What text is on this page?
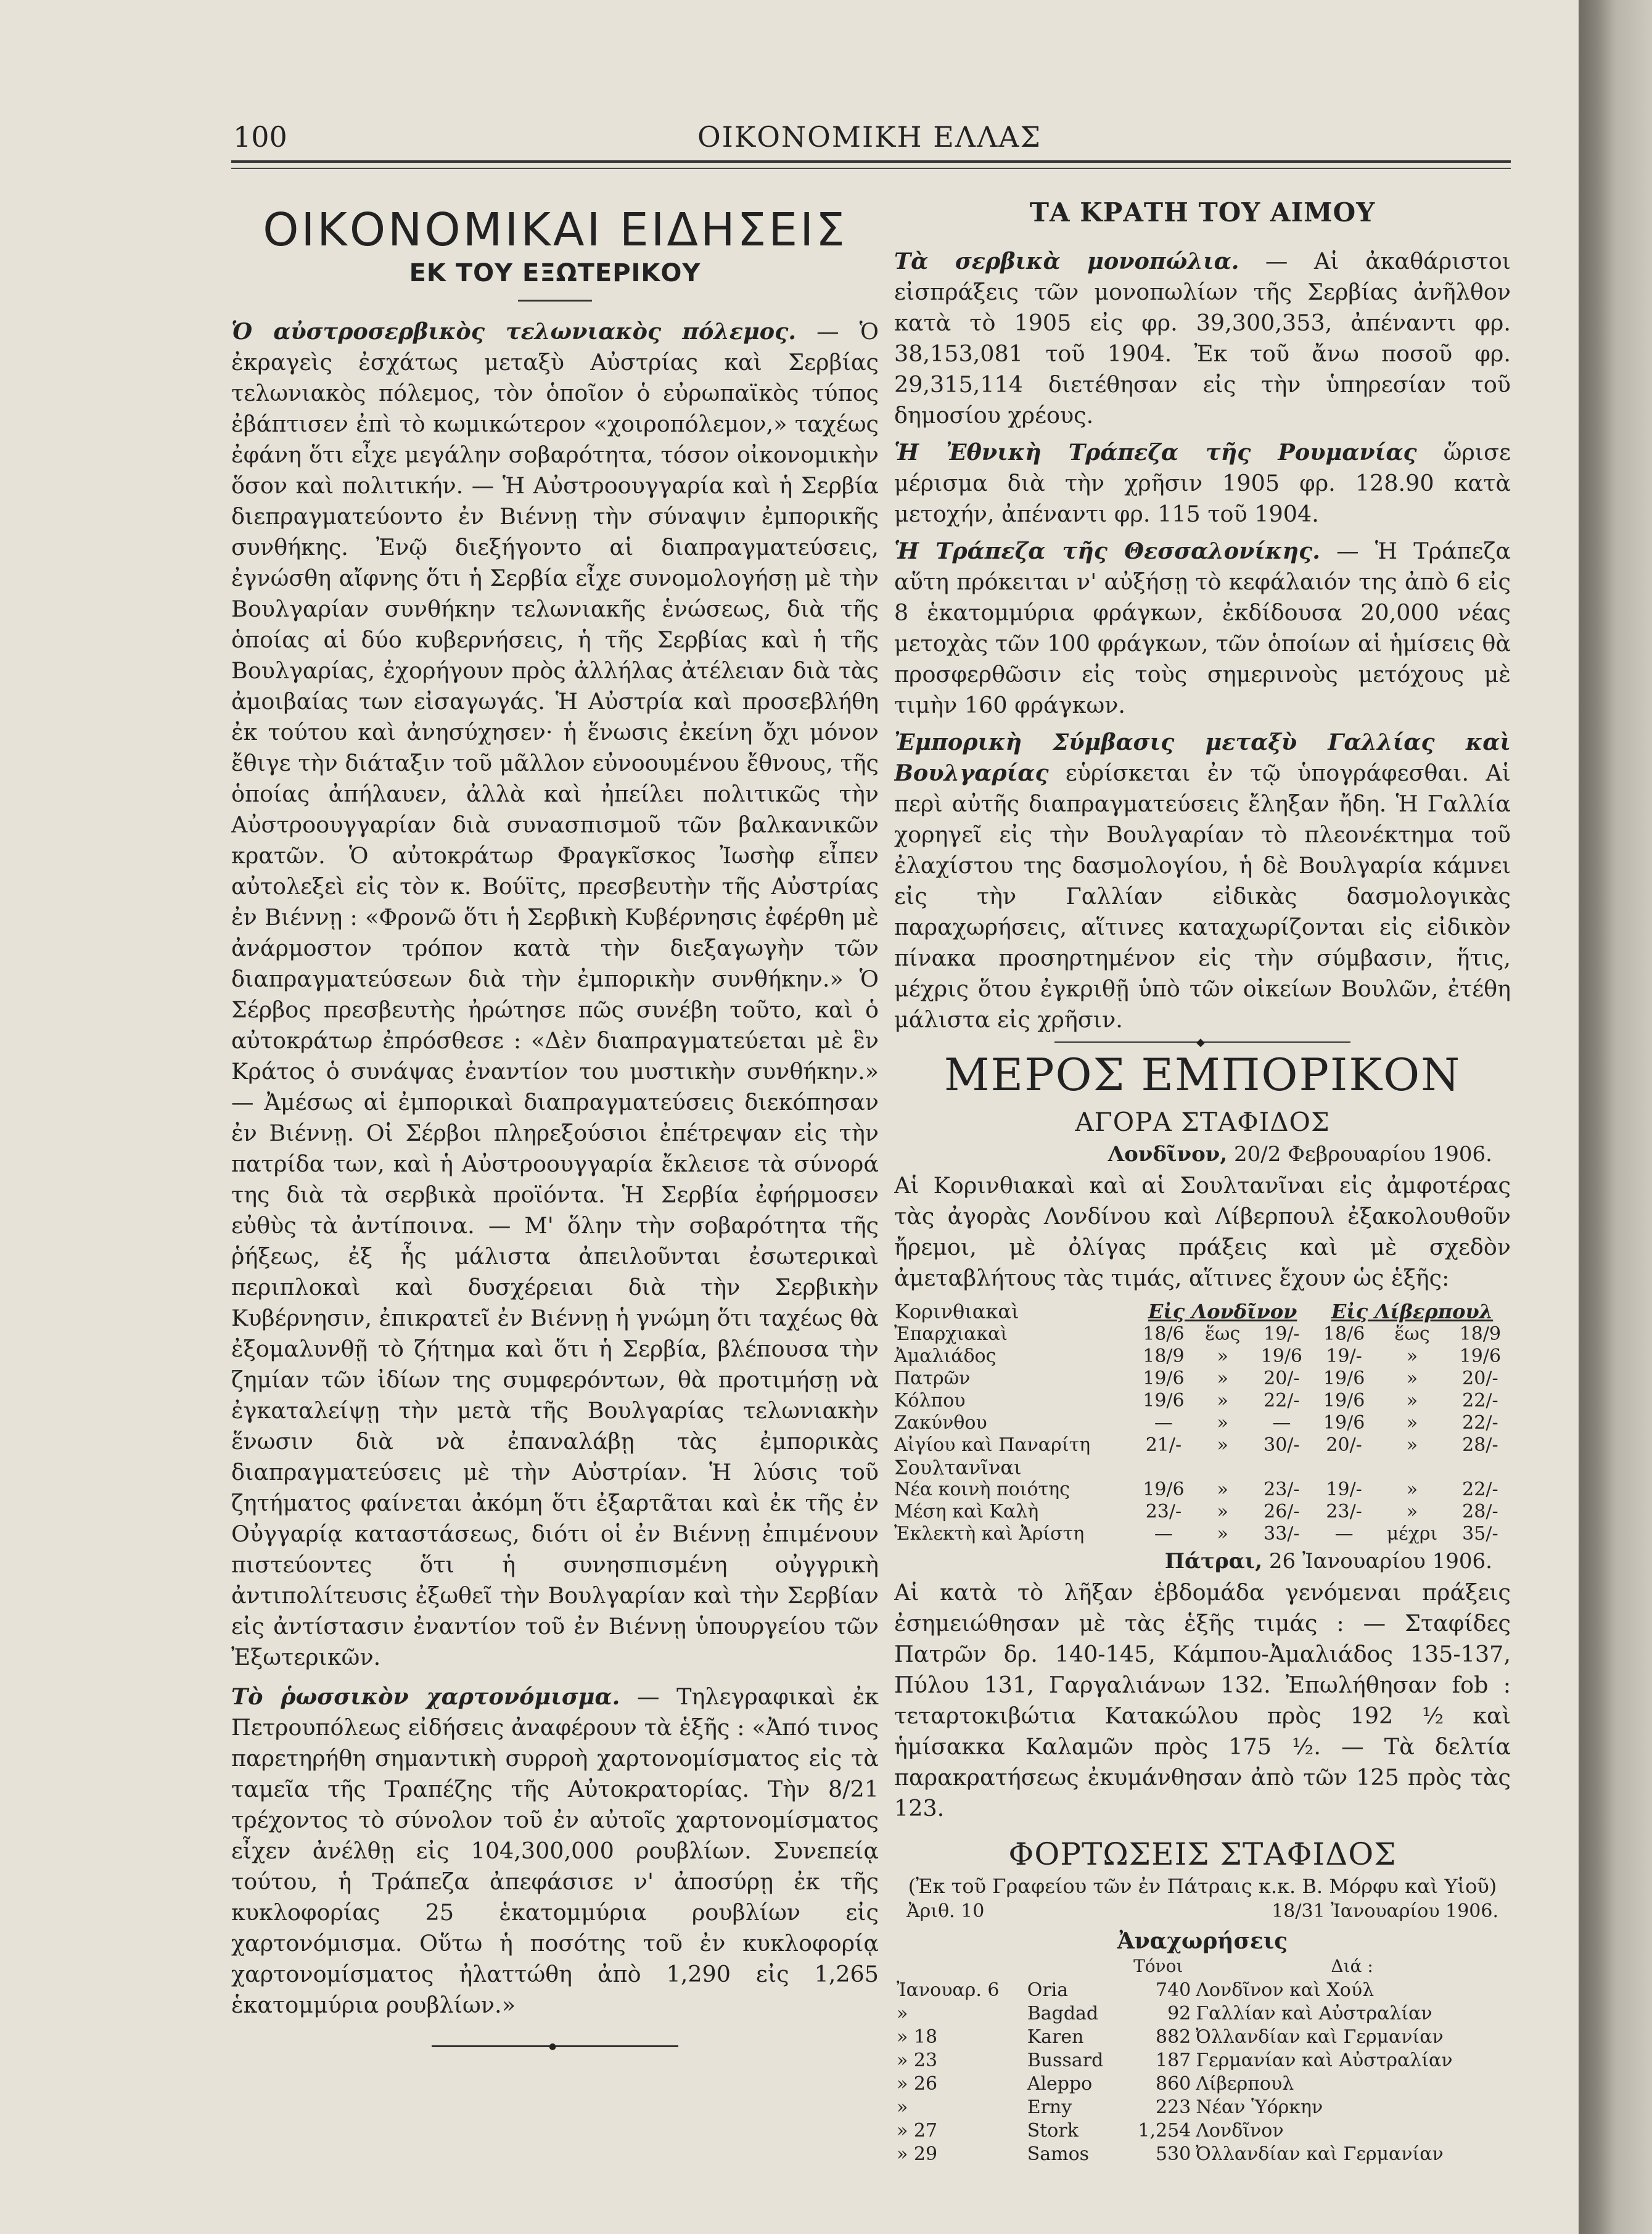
100	ΟΙΚΟΝΟΜΙΚΗ ΕΛΛΑΣ
ΟΙΚΟΝΟΜΙΚΑΙ ΕΙΔΗΣΕΙΣ
ΕΚ ΤΟΥ ΕΞΩΤΕΡΙΚΟΥ

Ὁ αὐστροσερβικὸς τελωνιακὸς πόλεμος. — Ὁ ἐκραγεὶς ἐσχάτως μεταξὺ Αὐστρίας καὶ Σερβίας τελωνιακὸς πόλεμος, τὸν ὁποῖον ὁ εὐρωπαϊκὸς τύπος ἐβάπτισεν ἐπὶ τὸ κωμικώτερον «χοιροπόλεμον,» ταχέως ἐφάνη ὅτι εἶχε μεγάλην σοβαρότητα, τόσον οἰκονομικὴν ὅσον καὶ πολιτικήν. — Ἡ Αὐστροουγγαρία καὶ ἡ Σερβία διεπραγματεύοντο ἐν Βιέννῃ τὴν σύναψιν ἐμπορικῆς συνθήκης. Ἐνῷ διεξήγοντο αἱ διαπραγματεύσεις, ἐγνώσθη αἴφνης ὅτι ἡ Σερβία εἶχε συνομολογήσῃ μὲ τὴν Βουλγαρίαν συνθήκην τελωνιακῆς ἑνώσεως, διὰ τῆς ὁποίας αἱ δύο κυβερνήσεις, ἡ τῆς Σερβίας καὶ ἡ τῆς Βουλγαρίας, ἐχορήγουν πρὸς ἀλλήλας ἀτέλειαν διὰ τὰς ἀμοιβαίας των εἰσαγωγάς. Ἡ Αὐστρία καὶ προσεβλήθη ἐκ τούτου καὶ ἀνησύχησεν· ἡ ἕνωσις ἐκείνη ὄχι μόνον ἔθιγε τὴν διάταξιν τοῦ μᾶλλον εὐνοουμένου ἔθνους, τῆς ὁποίας ἀπήλαυεν, ἀλλὰ καὶ ἠπείλει πολιτικῶς τὴν Αὐστροουγγαρίαν διὰ συνασπισμοῦ τῶν βαλκανικῶν κρατῶν. Ὁ αὐτοκράτωρ Φραγκῖσκος Ἰωσὴφ εἶπεν αὐτολεξεὶ εἰς τὸν κ. Βούϊτς, πρεσβευτὴν τῆς Αὐστρίας ἐν Βιέννῃ : «Φρονῶ ὅτι ἡ Σερβικὴ Κυβέρνησις ἐφέρθη μὲ ἀνάρμοστον τρόπον κατὰ τὴν διεξαγωγὴν τῶν διαπραγματεύσεων διὰ τὴν ἐμπορικὴν συνθήκην.» Ὁ Σέρβος πρεσβευτὴς ἠρώτησε πῶς συνέβη τοῦτο, καὶ ὁ αὐτοκράτωρ ἐπρόσθεσε : «Δὲν διαπραγματεύεται μὲ ἓν Κράτος ὁ συνάψας ἐναντίον του μυστικὴν συνθήκην.» — Ἀμέσως αἱ ἐμπορικαὶ διαπραγματεύσεις διεκόπησαν ἐν Βιέννῃ. Οἱ Σέρβοι πληρεξούσιοι ἐπέτρεψαν εἰς τὴν πατρίδα των, καὶ ἡ Αὐστροουγγαρία ἔκλεισε τὰ σύνορά της διὰ τὰ σερβικὰ προϊόντα. Ἡ Σερβία ἐφήρμοσεν εὐθὺς τὰ ἀντίποινα. — Μ' ὅλην τὴν σοβαρότητα τῆς ῥήξεως, ἐξ ἧς μάλιστα ἀπειλοῦνται ἐσωτερικαὶ περιπλοκαὶ καὶ δυσχέρειαι διὰ τὴν Σερβικὴν Κυβέρνησιν, ἐπικρατεῖ ἐν Βιέννῃ ἡ γνώμη ὅτι ταχέως θὰ ἐξομαλυνθῇ τὸ ζήτημα καὶ ὅτι ἡ Σερβία, βλέπουσα τὴν ζημίαν τῶν ἰδίων της συμφερόντων, θὰ προτιμήσῃ νὰ ἐγκαταλείψῃ τὴν μετὰ τῆς Βουλγαρίας τελωνιακὴν ἕνωσιν διὰ νὰ ἐπαναλάβῃ τὰς ἐμπορικὰς διαπραγματεύσεις μὲ τὴν Αὐστρίαν. Ἡ λύσις τοῦ ζητήματος φαίνεται ἀκόμη ὅτι ἐξαρτᾶται καὶ ἐκ τῆς ἐν Οὐγγαρίᾳ καταστάσεως, διότι οἱ ἐν Βιέννῃ ἐπιμένουν πιστεύοντες ὅτι ἡ συνησπισμένη οὐγγρικὴ ἀντιπολίτευσις ἐξωθεῖ τὴν Βουλγαρίαν καὶ τὴν Σερβίαν εἰς ἀντίστασιν ἐναντίον τοῦ ἐν Βιέννῃ ὑπουργείου τῶν Ἐξωτερικῶν.

Τὸ ῥωσσικὸν χαρτονόμισμα. — Τηλεγραφικαὶ ἐκ Πετρουπόλεως εἰδήσεις ἀναφέρουν τὰ ἑξῆς : «Ἀπό τινος παρετηρήθη σημαντικὴ συρροὴ χαρτονομίσματος εἰς τὰ ταμεῖα τῆς Τραπέζης τῆς Αὐτοκρατορίας. Τὴν 8/21 τρέχοντος τὸ σύνολον τοῦ ἐν αὐτοῖς χαρτονομίσματος εἶχεν ἀνέλθῃ εἰς 104,300,000 ρουβλίων. Συνεπείᾳ τούτου, ἡ Τράπεζα ἀπεφάσισε ν' ἀποσύρῃ ἐκ τῆς κυκλοφορίας 25 ἑκατομμύρια ρουβλίων εἰς χαρτονόμισμα. Οὕτω ἡ ποσότης τοῦ ἐν κυκλοφορίᾳ χαρτονομίσματος ἠλαττώθη ἀπὸ 1,290 εἰς 1,265 ἑκατομμύρια ρουβλίων.»

●
ΤΑ ΚΡΑΤΗ ΤΟΥ ΑΙΜΟΥ

Τὰ σερβικὰ μονοπώλια. — Αἱ ἀκαθάριστοι εἰσπράξεις τῶν μονοπωλίων τῆς Σερβίας ἀνῆλθον κατὰ τὸ 1905 εἰς φρ. 39,300,353, ἀπέναντι φρ. 38,153,081 τοῦ 1904. Ἐκ τοῦ ἄνω ποσοῦ φρ. 29,315,114 διετέθησαν εἰς τὴν ὑπηρεσίαν τοῦ δημοσίου χρέους.

Ἡ Ἐθνικὴ Τράπεζα τῆς Ρουμανίας ὥρισε μέρισμα διὰ τὴν χρῆσιν 1905 φρ. 128.90 κατὰ μετοχήν, ἀπέναντι φρ. 115 τοῦ 1904.

Ἡ Τράπεζα τῆς Θεσσαλονίκης. — Ἡ Τράπεζα αὕτη πρόκειται ν' αὐξήσῃ τὸ κεφάλαιόν της ἀπὸ 6 εἰς 8 ἑκατομμύρια φράγκων, ἐκδίδουσα 20,000 νέας μετοχὰς τῶν 100 φράγκων, τῶν ὁποίων αἱ ἡμίσεις θὰ προσφερθῶσιν εἰς τοὺς σημερινοὺς μετόχους μὲ τιμὴν 160 φράγκων.

Ἐμπορικὴ Σύμβασις μεταξὺ Γαλλίας καὶ Βουλγαρίας εὑρίσκεται ἐν τῷ ὑπογράφεσθαι. Αἱ περὶ αὐτῆς διαπραγματεύσεις ἔληξαν ἤδη. Ἡ Γαλλία χορηγεῖ εἰς τὴν Βουλγαρίαν τὸ πλεονέκτημα τοῦ ἐλαχίστου της δασμολογίου, ἡ δὲ Βουλγαρία κάμνει εἰς τὴν Γαλλίαν εἰδικὰς δασμολογικὰς παραχωρήσεις, αἵτινες καταχωρίζονται εἰς εἰδικὸν πίνακα προσηρτημένον εἰς τὴν σύμβασιν, ἥτις, μέχρις ὅτου ἐγκριθῇ ὑπὸ τῶν οἰκείων Βουλῶν, ἐτέθη μάλιστα εἰς χρῆσιν.

◆
ΜΕΡΟΣ ΕΜΠΟΡΙΚΟΝ
ΑΓΟΡΑ ΣΤΑΦΙΔΟΣ
Λονδῖνον, 20/2 Φεβρουαρίου 1906.

Αἱ Κορινθιακαὶ καὶ αἱ Σουλτανῖναι εἰς ἀμφοτέρας τὰς ἀγορὰς Λονδίνου καὶ Λίβερπουλ ἐξακολουθοῦν ἤρεμοι, μὲ ὀλίγας πράξεις καὶ μὲ σχεδὸν ἀμεταβλήτους τὰς τιμάς, αἵτινες ἔχουν ὡς ἑξῆς:

Κορινθιακαὶ	Εἰς Λονδῖνον			Εἰς Λίβερπουλ		
Ἐπαρχιακαὶ	18/6	ἕως	19/-	18/6	ἕως	18/9
Ἀμαλιάδος	18/9	»	19/6	19/-	»	19/6
Πατρῶν	19/6	»	20/-	19/6	»	20/-
Κόλπου	19/6	»	22/-	19/6	»	22/-
Ζακύνθου	—	»	—	19/6	»	22/-
Αἰγίου καὶ Παναρίτη	21/-	»	30/-	20/-	»	28/-
Σουλτανῖναι						
Νέα κοινὴ ποιότης	19/6	»	23/-	19/-	»	22/-
Μέση καὶ Καλὴ	23/-	»	26/-	23/-	»	28/-
Ἐκλεκτὴ καὶ Ἀρίστη	—	»	33/-	—	μέχρι	35/-
Πάτραι, 26 Ἰανουαρίου 1906.

Αἱ κατὰ τὸ λῆξαν ἑβδομάδα γενόμεναι πράξεις ἐσημειώθησαν μὲ τὰς ἑξῆς τιμάς : — Σταφίδες Πατρῶν δρ. 140-145, Κάμπου-Ἀμαλιάδος 135-137, Πύλου 131, Γαργαλιάνων 132. Ἐπωλήθησαν fob : τεταρτοκιβώτια Κατακώλου πρὸς 192 ½ καὶ ἡμίσακκα Καλαμῶν πρὸς 175 ½. — Τὰ δελτία παρακρατήσεως ἐκυμάνθησαν ἀπὸ τῶν 125 πρὸς τὰς 123.

ΦΟΡΤΩΣΕΙΣ ΣΤΑΦΙΔΟΣ
(Ἐκ τοῦ Γραφείου τῶν ἐν Πάτραις κ.κ. Β. Μόρφυ καὶ Υἱοῦ)
Ἀριθ. 10	18/31 Ἰανουαρίου 1906.
Ἀναχωρήσεις
		Τόνοι	Διά :
Ἰανουαρ. 6	Oria	740	Λονδῖνον καὶ Χούλ
»	Bagdad	92	Γαλλίαν καὶ Αὐστραλίαν
» 18	Karen	882	Ὀλλανδίαν καὶ Γερμανίαν
» 23	Bussard	187	Γερμανίαν καὶ Αὐστραλίαν
» 26	Aleppo	860	Λίβερπουλ
»	Erny	223	Νέαν Ὑόρκην
» 27	Stork	1,254	Λονδῖνον
» 29	Samos	530	Ὀλλανδίαν καὶ Γερμανίαν
